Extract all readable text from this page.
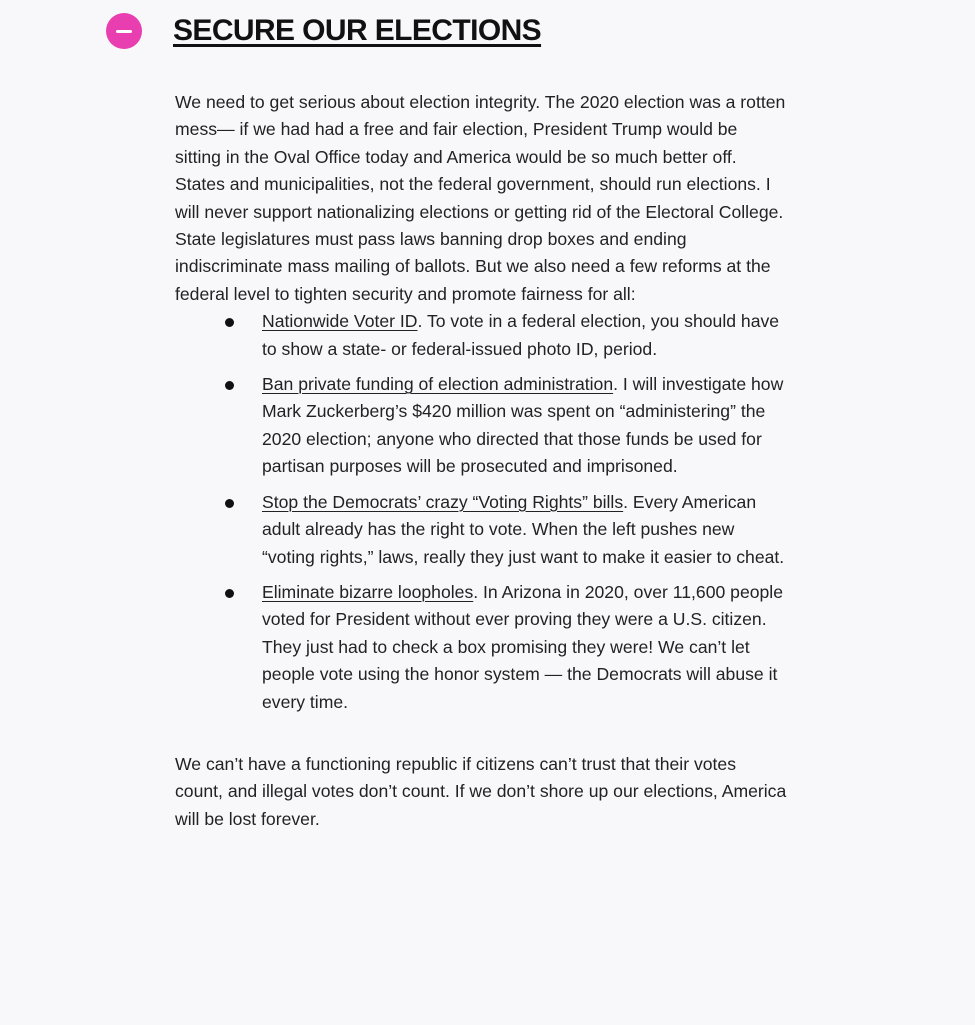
SECURE OUR ELECTIONS

We need to get serious about election integrity. The 2020 election was a rotten mess— if we had had a free and fair election, President Trump would be sitting in the Oval Office today and America would be so much better off.

States and municipalities, not the federal government, should run elections. I will never support nationalizing elections or getting rid of the Electoral College. State legislatures must pass laws banning drop boxes and ending indiscriminate mass mailing of ballots. But we also need a few reforms at the federal level to tighten security and promote fairness for all:

Nationwide Voter ID. To vote in a federal election, you should have to show a state- or federal-issued photo ID, period.
Ban private funding of election administration. I will investigate how Mark Zuckerberg’s $420 million was spent on “administering” the 2020 election; anyone who directed that those funds be used for partisan purposes will be prosecuted and imprisoned.
Stop the Democrats’ crazy “Voting Rights” bills. Every American adult already has the right to vote. When the left pushes new “voting rights,” laws, really they just want to make it easier to cheat.
Eliminate bizarre loopholes. In Arizona in 2020, over 11,600 people voted for President without ever proving they were a U.S. citizen. They just had to check a box promising they were! We can’t let people vote using the honor system — the Democrats will abuse it every time.

We can’t have a functioning republic if citizens can’t trust that their votes count, and illegal votes don’t count. If we don’t shore up our elections, America will be lost forever.
